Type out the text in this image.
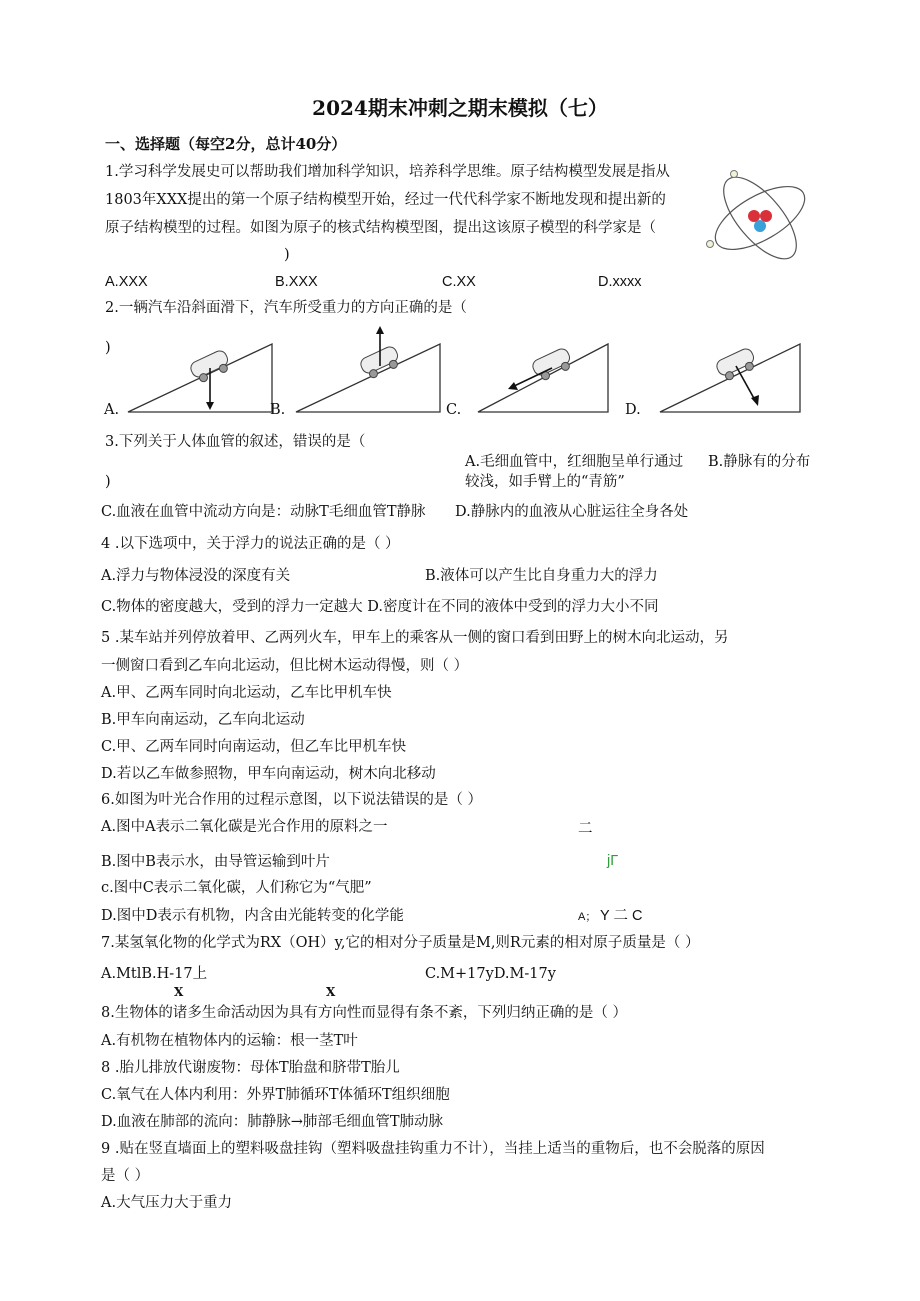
2024期末冲刺之期末模拟（七）
一、选择题（每空2分，总计40分）
1.学习科学发展史可以帮助我们增加科学知识，培养科学思维。原子结构模型发展是指从
1803年XXX提出的第一个原子结构模型开始，经过一代代科学家不断地发现和提出新的
原子结构模型的过程。如图为原子的核式结构模型图，提出这该原子模型的科学家是（
)
A.XXX	B.XXX	C.XX	D.xxxx
2.一辆汽车沿斜面滑下，汽车所受重力的方向正确的是（
)
A.	B.	C.	D.
3.下列关于人体血管的叙述，错误的是（
A.毛细血管中，红细胞呈单行通过 B.静脉有的分布
)	较浅，如手臂上的“青筋”
C.血液在血管中流动方向是：动脉T毛细血管T静脉 D.静脉内的血液从心脏运往全身各处
4 .以下选项中，关于浮力的说法正确的是（ ）
A.浮力与物体浸没的深度有关	B.液体可以产生比自身重力大的浮力
C.物体的密度越大，受到的浮力一定越大 D.密度计在不同的液体中受到的浮力大小不同
5 .某车站并列停放着甲、乙两列火车，甲车上的乘客从一侧的窗口看到田野上的树木向北运动，另
一侧窗口看到乙车向北运动，但比树木运动得慢，则（ ）
A.甲、乙两车同时向北运动，乙车比甲机车快
B.甲车向南运动，乙车向北运动
C.甲、乙两车同时向南运动，但乙车比甲机车快
D.若以乙车做参照物，甲车向南运动，树木向北移动
6.如图为叶光合作用的过程示意图，以下说法错误的是（ ）
A.图中A表示二氧化碳是光合作用的原料之一	二
B.图中B表示水，由导管运输到叶片	jΓ
c.图中C表示二氧化碳，人们称它为“气肥”
D.图中D表示有机物，内含由光能转变的化学能	A； Y 二 C
7.某氢氧化物的化学式为RX（OH）y,它的相对分子质量是M,则R元素的相对原子质量是（ ）
A.MtlB.H-17上	C.M+17yD.M-17y
X	X
8.生物体的诸多生命活动因为具有方向性而显得有条不紊，下列归纳正确的是（ ）
A.有机物在植物体内的运输：根一茎T叶
8 .胎儿排放代谢废物：母体T胎盘和脐带T胎儿
C.氧气在人体内利用：外界T肺循环T体循环T组织细胞
D.血液在肺部的流向：肺静脉→肺部毛细血管T肺动脉
9 .贴在竖直墙面上的塑料吸盘挂钩（塑料吸盘挂钩重力不计），当挂上适当的重物后，也不会脱落的原因
是（ ）
A.大气压力大于重力
